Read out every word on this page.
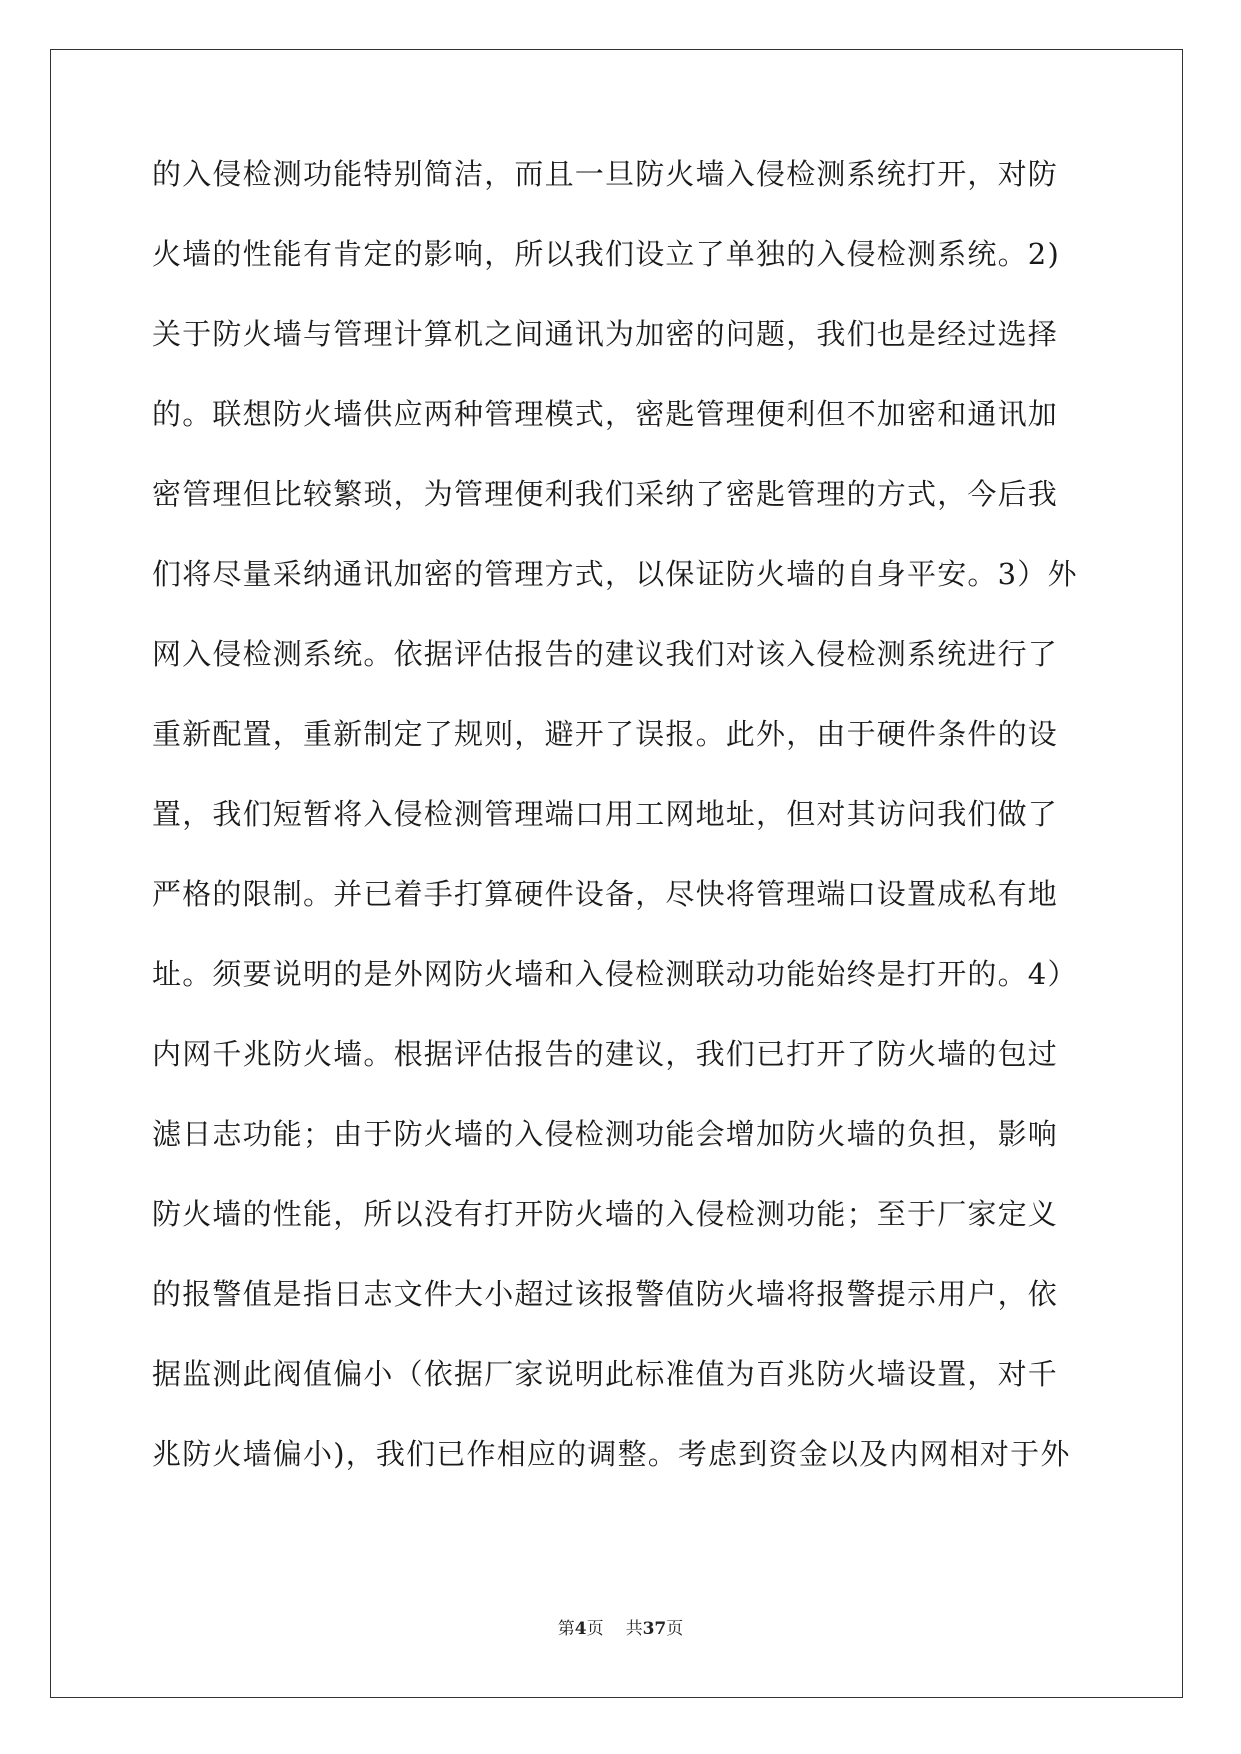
的入侵检测功能特别简洁，而且一旦防火墙入侵检测系统打开，对防
火墙的性能有肯定的影响，所以我们设立了单独的入侵检测系统。2)
关于防火墙与管理计算机之间通讯为加密的问题，我们也是经过选择
的。联想防火墙供应两种管理模式，密匙管理便利但不加密和通讯加
密管理但比较繁琐，为管理便利我们采纳了密匙管理的方式，今后我
们将尽量采纳通讯加密的管理方式，以保证防火墙的自身平安。3）外
网入侵检测系统。依据评估报告的建议我们对该入侵检测系统进行了
重新配置，重新制定了规则，避开了误报。此外，由于硬件条件的设
置，我们短暂将入侵检测管理端口用工网地址，但对其访问我们做了
严格的限制。并已着手打算硬件设备，尽快将管理端口设置成私有地
址。须要说明的是外网防火墙和入侵检测联动功能始终是打开的。4）
内网千兆防火墙。根据评估报告的建议，我们已打开了防火墙的包过
滤日志功能；由于防火墙的入侵检测功能会增加防火墙的负担，影响
防火墙的性能，所以没有打开防火墙的入侵检测功能；至于厂家定义
的报警值是指日志文件大小超过该报警值防火墙将报警提示用户，依
据监测此阀值偏小（依据厂家说明此标准值为百兆防火墙设置，对千
兆防火墙偏小)，我们已作相应的调整。考虑到资金以及内网相对于外
第4页 共37页
